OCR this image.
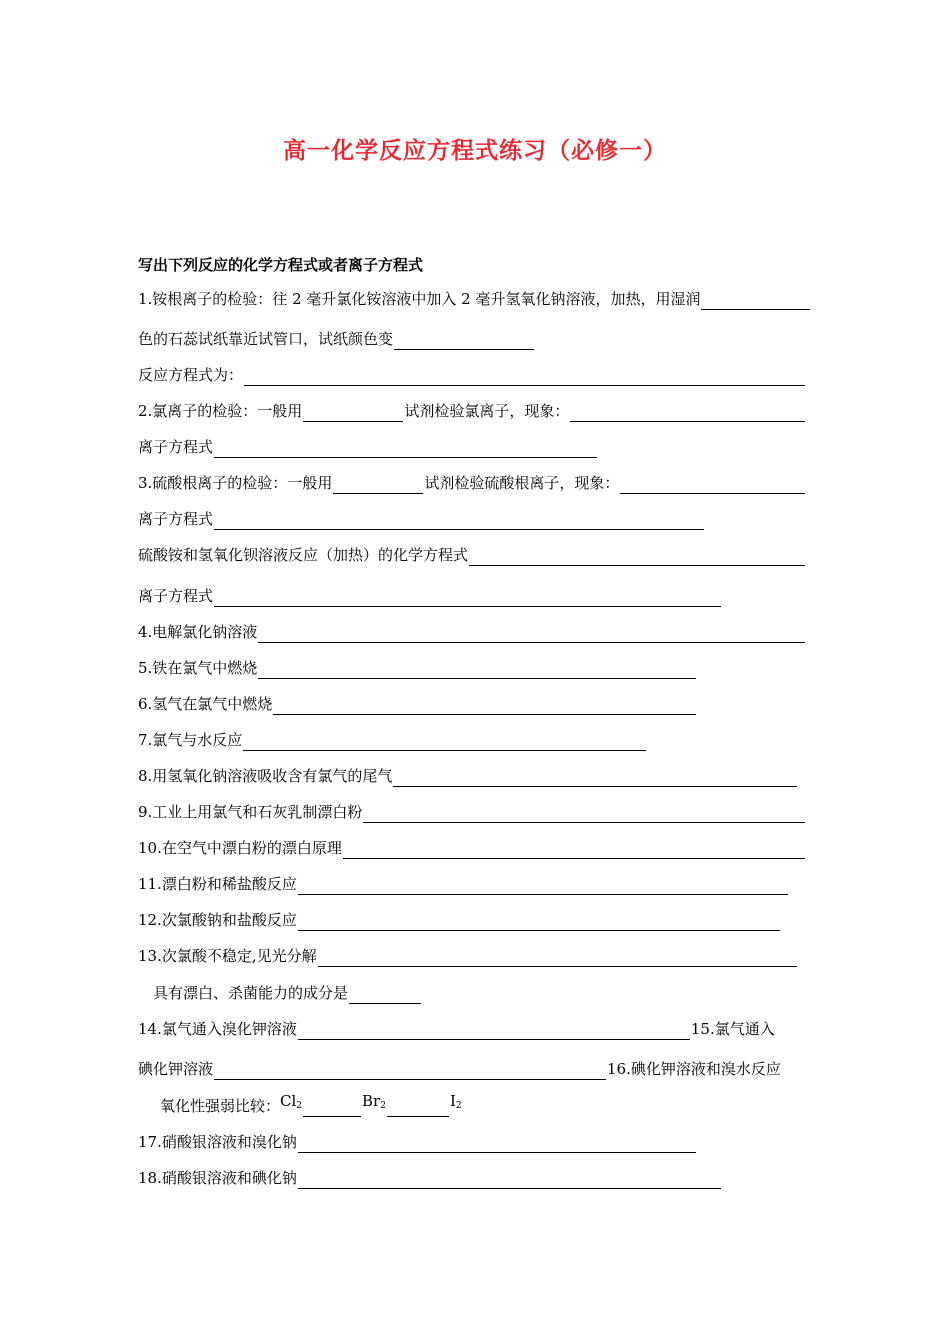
高一化学反应方程式练习（必修一）
写出下列反应的化学方程式或者离子方程式
1.铵根离子的检验：往 2 毫升氯化铵溶液中加入 2 毫升氢氧化钠溶液，加热，用湿润
色的石蕊试纸靠近试管口，试纸颜色变
反应方程式为：
2.氯离子的检验：一般用	试剂检验氯离子，现象：
离子方程式
3.硫酸根离子的检验：一般用	试剂检验硫酸根离子，现象：
离子方程式
硫酸铵和氢氧化钡溶液反应（加热）的化学方程式
离子方程式
4.电解氯化钠溶液
5.铁在氯气中燃烧
6.氢气在氯气中燃烧
7.氯气与水反应
8.用氢氧化钠溶液吸收含有氯气的尾气
9.工业上用氯气和石灰乳制漂白粉
10.在空气中漂白粉的漂白原理
11.漂白粉和稀盐酸反应
12.次氯酸钠和盐酸反应
13.次氯酸不稳定,见光分解
具有漂白、杀菌能力的成分是
14.氯气通入溴化钾溶液	15.氯气通入
碘化钾溶液	16.碘化钾溶液和溴水反应
氧化性强弱比较： $Cl_2$	$Br_2$	$I_2$
17.硝酸银溶液和溴化钠
18.硝酸银溶液和碘化钠
